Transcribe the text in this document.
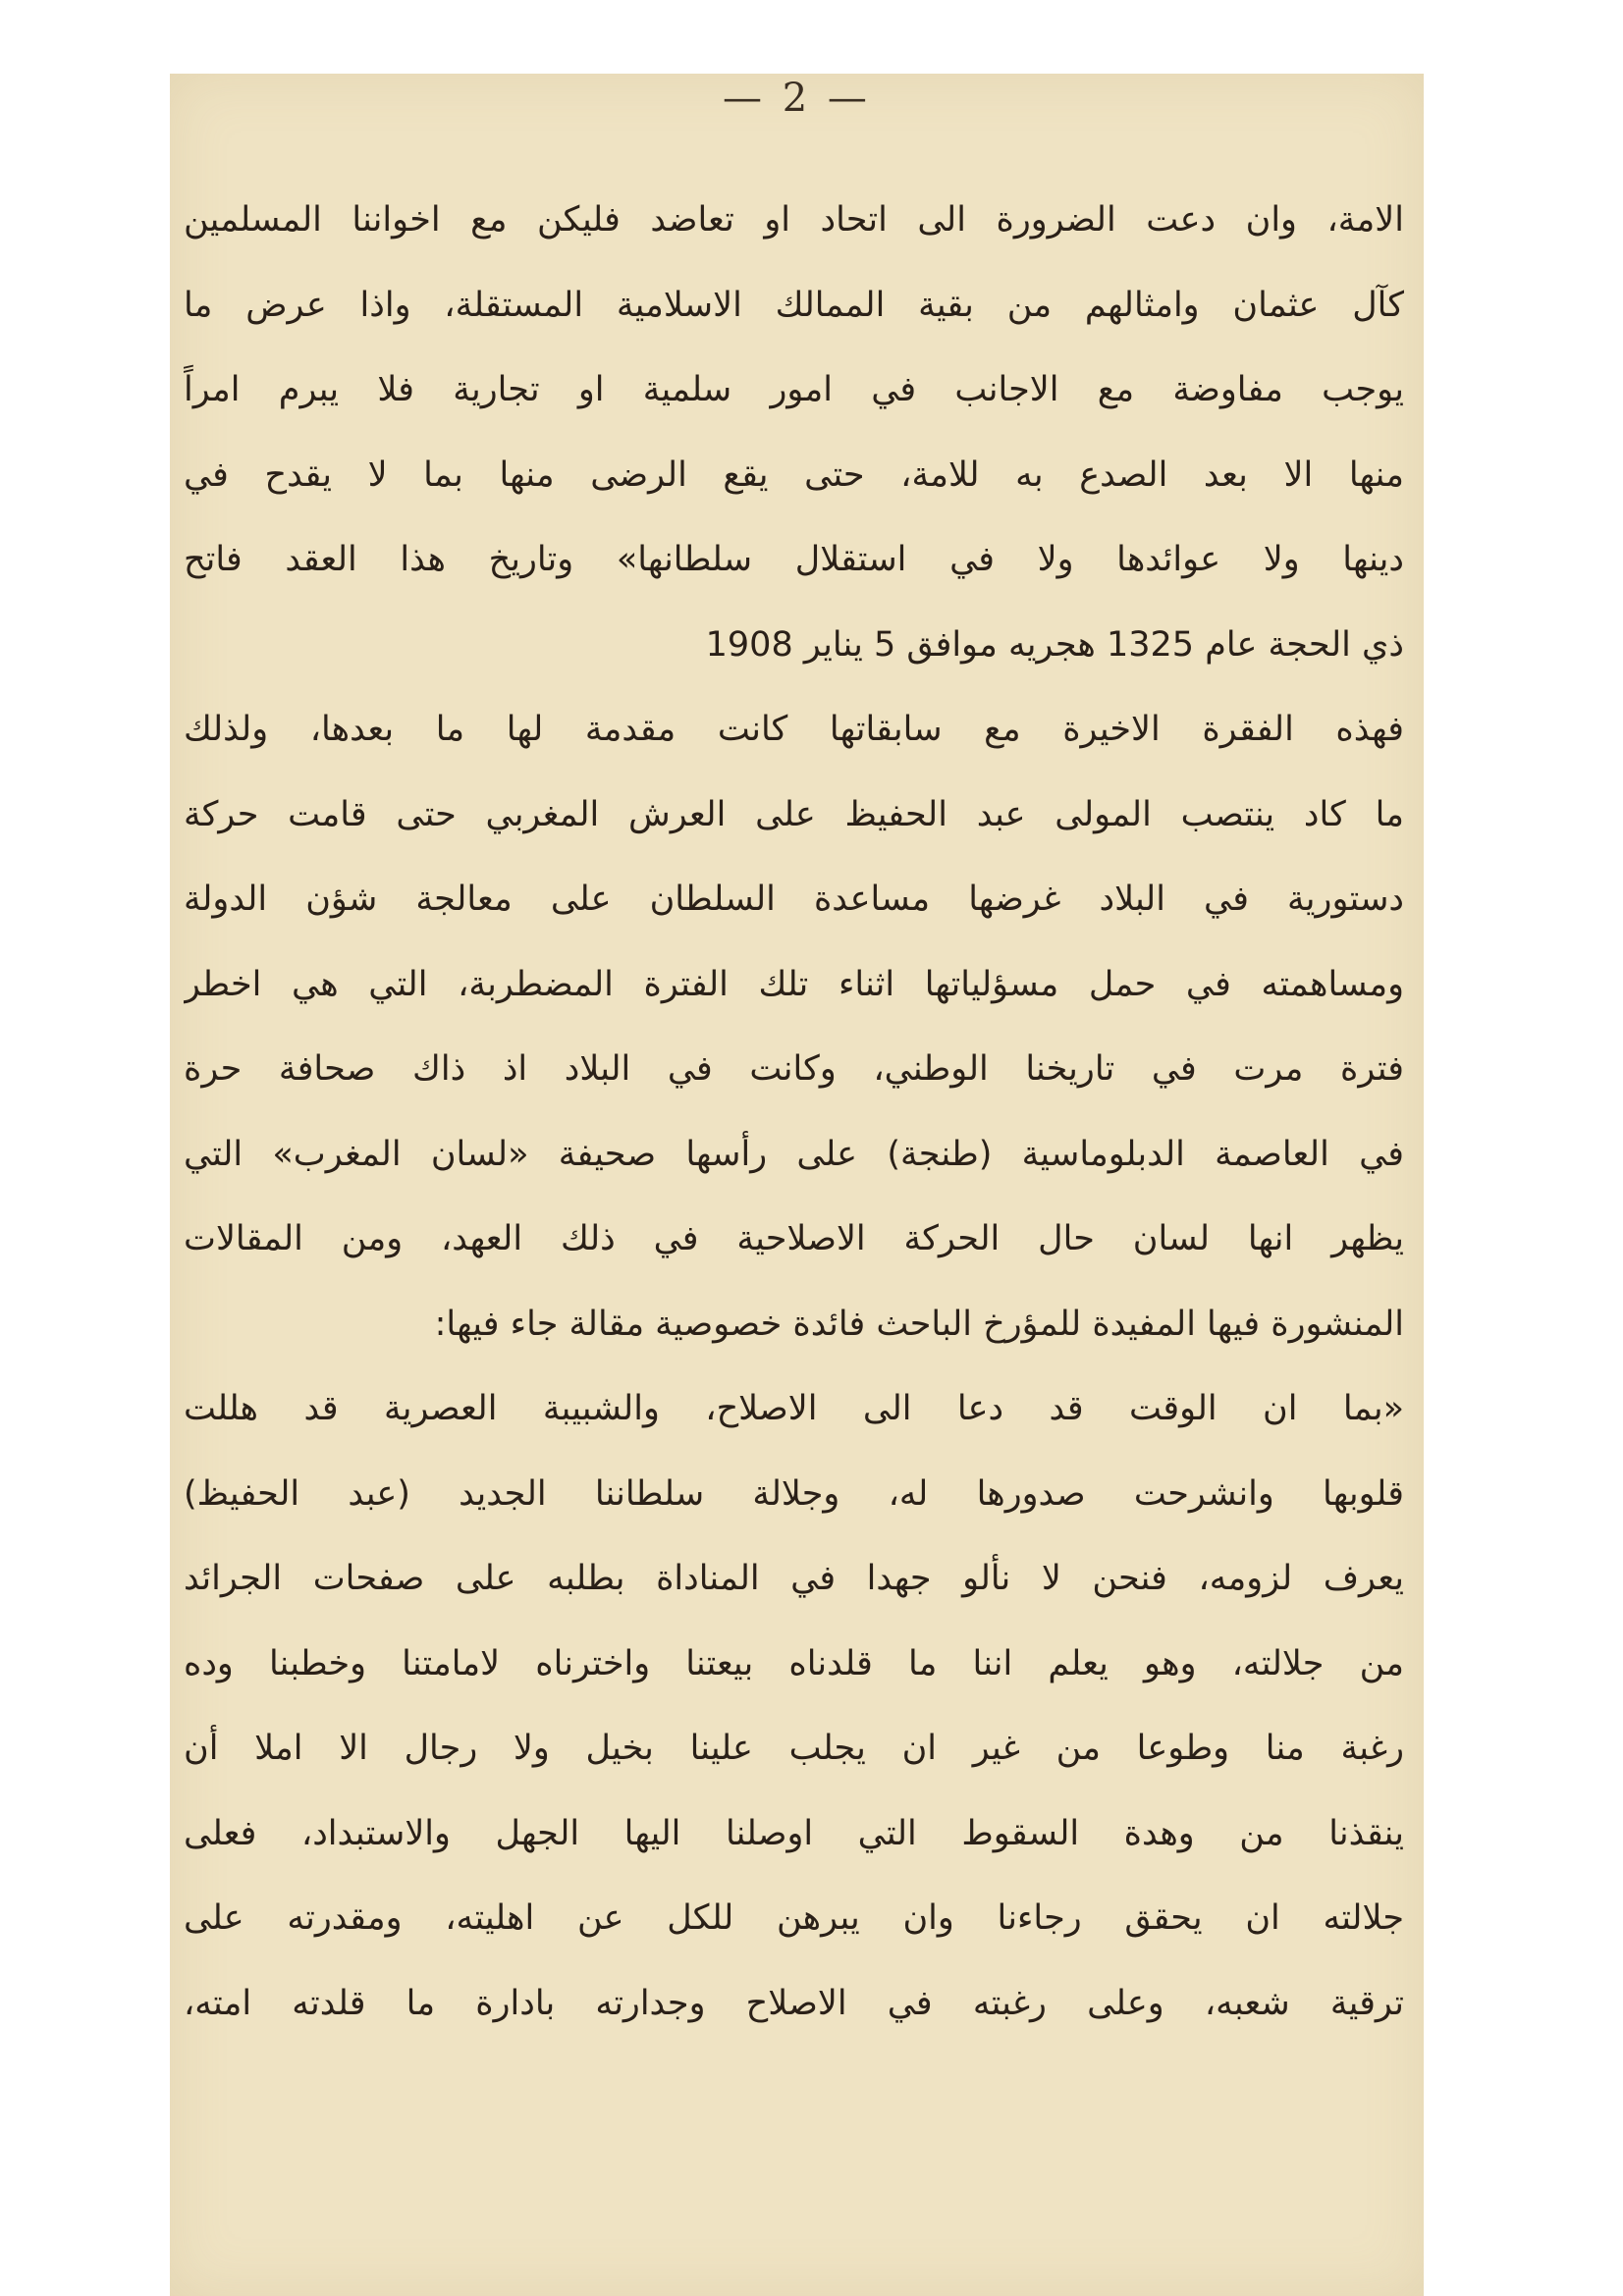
— 2 —
الامة، وان دعت الضرورة الى اتحاد او تعاضد فليكن مع اخواننا المسلمين
كآل عثمان وامثالهم من بقية الممالك الاسلامية المستقلة، واذا عرض ما
يوجب مفاوضة مع الاجانب في امور سلمية او تجارية فلا يبرم امراً
منها الا بعد الصدع به للامة، حتى يقع الرضى منها بما لا يقدح في
دينها ولا عوائدها ولا في استقلال سلطانها» وتاريخ هذا العقد فاتح
ذي الحجة عام 1325 هجريه موافق 5 يناير 1908
فهذه الفقرة الاخيرة مع سابقاتها كانت مقدمة لها ما بعدها، ولذلك
ما كاد ينتصب المولى عبد الحفيظ على العرش المغربي حتى قامت حركة
دستورية في البلاد غرضها مساعدة السلطان على معالجة شؤن الدولة
ومساهمته في حمل مسؤلياتها اثناء تلك الفترة المضطربة، التي هي اخطر
فترة مرت في تاريخنا الوطني، وكانت في البلاد اذ ذاك صحافة حرة
في العاصمة الدبلوماسية (طنجة) على رأسها صحيفة «لسان المغرب» التي
يظهر انها لسان حال الحركة الاصلاحية في ذلك العهد، ومن المقالات
المنشورة فيها المفيدة للمؤرخ الباحث فائدة خصوصية مقالة جاء فيها:
«بما ان الوقت قد دعا الى الاصلاح، والشبيبة العصرية قد هللت
قلوبها وانشرحت صدورها له، وجلالة سلطاننا الجديد (عبد الحفيظ)
يعرف لزومه، فنحن لا نألو جهدا في المناداة بطلبه على صفحات الجرائد
من جلالته، وهو يعلم اننا ما قلدناه بيعتنا واخترناه لامامتنا وخطبنا وده
رغبة منا وطوعا من غير ان يجلب علينا بخيل ولا رجال الا املا أن
ينقذنا من وهدة السقوط التي اوصلنا اليها الجهل والاستبداد، فعلى
جلالته ان يحقق رجاءنا وان يبرهن للكل عن اهليته، ومقدرته على
ترقية شعبه، وعلى رغبته في الاصلاح وجدارته بادارة ما قلدته امته،
